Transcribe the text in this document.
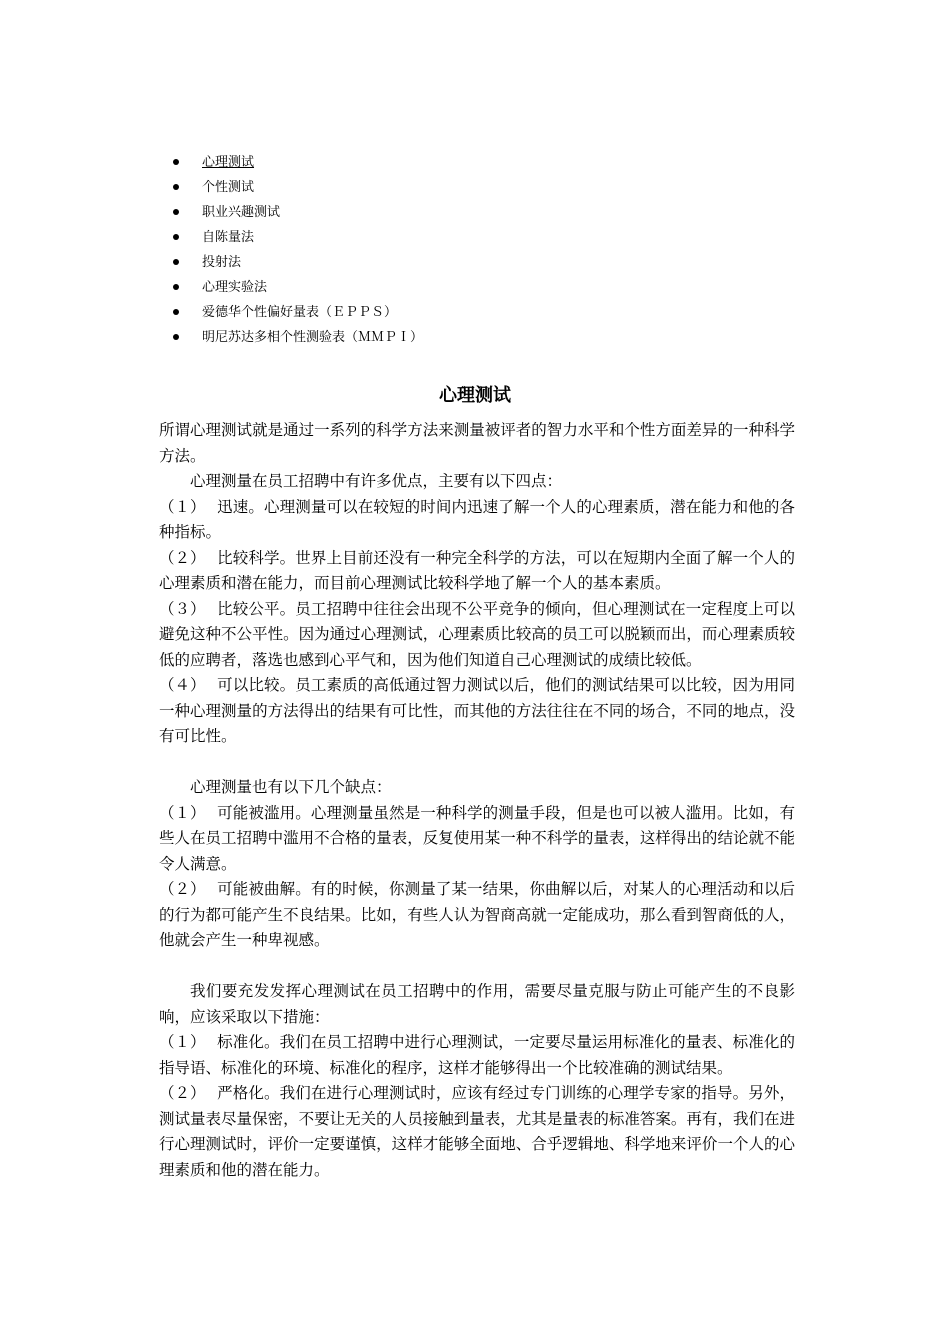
心理测试
个性测试
职业兴趣测试
自陈量法
投射法
心理实验法
爱德华个性偏好量表（ＥＰＰＳ）
明尼苏达多相个性测验表（ＭＭＰＩ）
心理测试

所谓心理测试就是通过一系列的科学方法来测量被评者的智力水平和个性方面差异的一种科学方法。

心理测量在员工招聘中有许多优点，主要有以下四点：

（１） 迅速。心理测量可以在较短的时间内迅速了解一个人的心理素质，潜在能力和他的各种指标。

（２） 比较科学。世界上目前还没有一种完全科学的方法，可以在短期内全面了解一个人的心理素质和潜在能力，而目前心理测试比较科学地了解一个人的基本素质。

（３） 比较公平。员工招聘中往往会出现不公平竞争的倾向，但心理测试在一定程度上可以避免这种不公平性。因为通过心理测试，心理素质比较高的员工可以脱颖而出，而心理素质较低的应聘者，落选也感到心平气和，因为他们知道自己心理测试的成绩比较低。

（４） 可以比较。员工素质的高低通过智力测试以后，他们的测试结果可以比较，因为用同一种心理测量的方法得出的结果有可比性，而其他的方法往往在不同的场合，不同的地点，没有可比性。

心理测量也有以下几个缺点：

（１） 可能被滥用。心理测量虽然是一种科学的测量手段，但是也可以被人滥用。比如，有些人在员工招聘中滥用不合格的量表，反复使用某一种不科学的量表，这样得出的结论就不能令人满意。

（２） 可能被曲解。有的时候，你测量了某一结果，你曲解以后，对某人的心理活动和以后的行为都可能产生不良结果。比如，有些人认为智商高就一定能成功，那么看到智商低的人，他就会产生一种卑视感。

我们要充发发挥心理测试在员工招聘中的作用，需要尽量克服与防止可能产生的不良影响，应该采取以下措施：

（１） 标准化。我们在员工招聘中进行心理测试，一定要尽量运用标准化的量表、标准化的指导语、标准化的环境、标准化的程序，这样才能够得出一个比较准确的测试结果。

（２） 严格化。我们在进行心理测试时，应该有经过专门训练的心理学专家的指导。另外，测试量表尽量保密，不要让无关的人员接触到量表，尤其是量表的标准答案。再有，我们在进行心理测试时，评价一定要谨慎，这样才能够全面地、合乎逻辑地、科学地来评价一个人的心理素质和他的潜在能力。
